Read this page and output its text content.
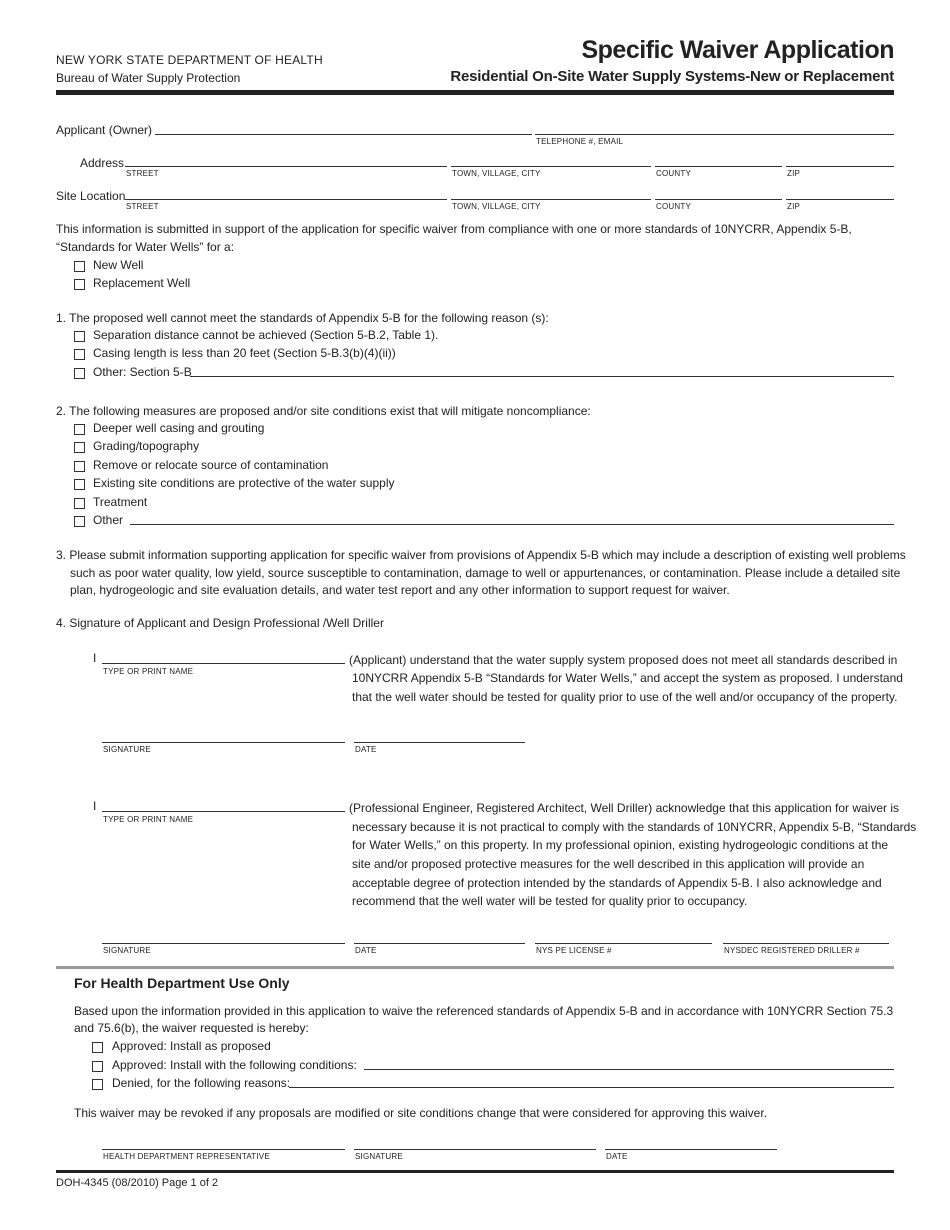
NEW YORK STATE DEPARTMENT OF HEALTH
Bureau of Water Supply Protection
Specific Waiver Application
Residential On-Site Water Supply Systems-New or Replacement
Applicant (Owner)
TELEPHONE #, EMAIL
Address
STREET	TOWN, VILLAGE, CITY	COUNTY	ZIP
Site Location
STREET	TOWN, VILLAGE, CITY	COUNTY	ZIP
This information is submitted in support of the application for specific waiver from compliance with one or more standards of 10NYCRR, Appendix 5-B, “Standards for Water Wells” for a:
New Well
Replacement Well
1. The proposed well cannot meet the standards of Appendix 5-B for the following reason (s):
Separation distance cannot be achieved (Section 5-B.2, Table 1).
Casing length is less than 20 feet (Section 5-B.3(b)(4)(ii))
Other: Section 5-B
2. The following measures are proposed and/or site conditions exist that will mitigate noncompliance:
Deeper well casing and grouting
Grading/topography
Remove or relocate source of contamination
Existing site conditions are protective of the water supply
Treatment
Other
3. Please submit information supporting application for specific waiver from provisions of Appendix 5-B which may include a description of existing well problems
such as poor water quality, low yield, source susceptible to contamination, damage to well or appurtenances, or contamination. Please include a detailed site
plan, hydrogeologic and site evaluation details, and water test report and any other information to support request for waiver.
4. Signature of Applicant and Design Professional /Well Driller
I
TYPE OR PRINT NAME
(Applicant) understand that the water supply system proposed does not meet all standards described in
10NYCRR Appendix 5-B “Standards for Water Wells,” and accept the system as proposed. I understand
that the well water should be tested for quality prior to use of the well and/or occupancy of the property.
SIGNATURE	DATE
I
TYPE OR PRINT NAME
(Professional Engineer, Registered Architect, Well Driller) acknowledge that this application for waiver is
necessary because it is not practical to comply with the standards of 10NYCRR, Appendix 5-B, “Standards
for Water Wells,” on this property. In my professional opinion, existing hydrogeologic conditions at the
site and/or proposed protective measures for the well described in this application will provide an
acceptable degree of protection intended by the standards of Appendix 5-B. I also acknowledge and
recommend that the well water will be tested for quality prior to occupancy.
SIGNATURE	DATE	NYS PE LICENSE #	NYSDEC REGISTERED DRILLER #
For Health Department Use Only
Based upon the information provided in this application to waive the referenced standards of Appendix 5-B and in accordance with 10NYCRR Section 75.3
and 75.6(b), the waiver requested is hereby:
Approved: Install as proposed
Approved: Install with the following conditions:
Denied, for the following reasons:
This waiver may be revoked if any proposals are modified or site conditions change that were considered for approving this waiver.
HEALTH DEPARTMENT REPRESENTATIVE	SIGNATURE	DATE
DOH-4345 (08/2010) Page 1 of 2
